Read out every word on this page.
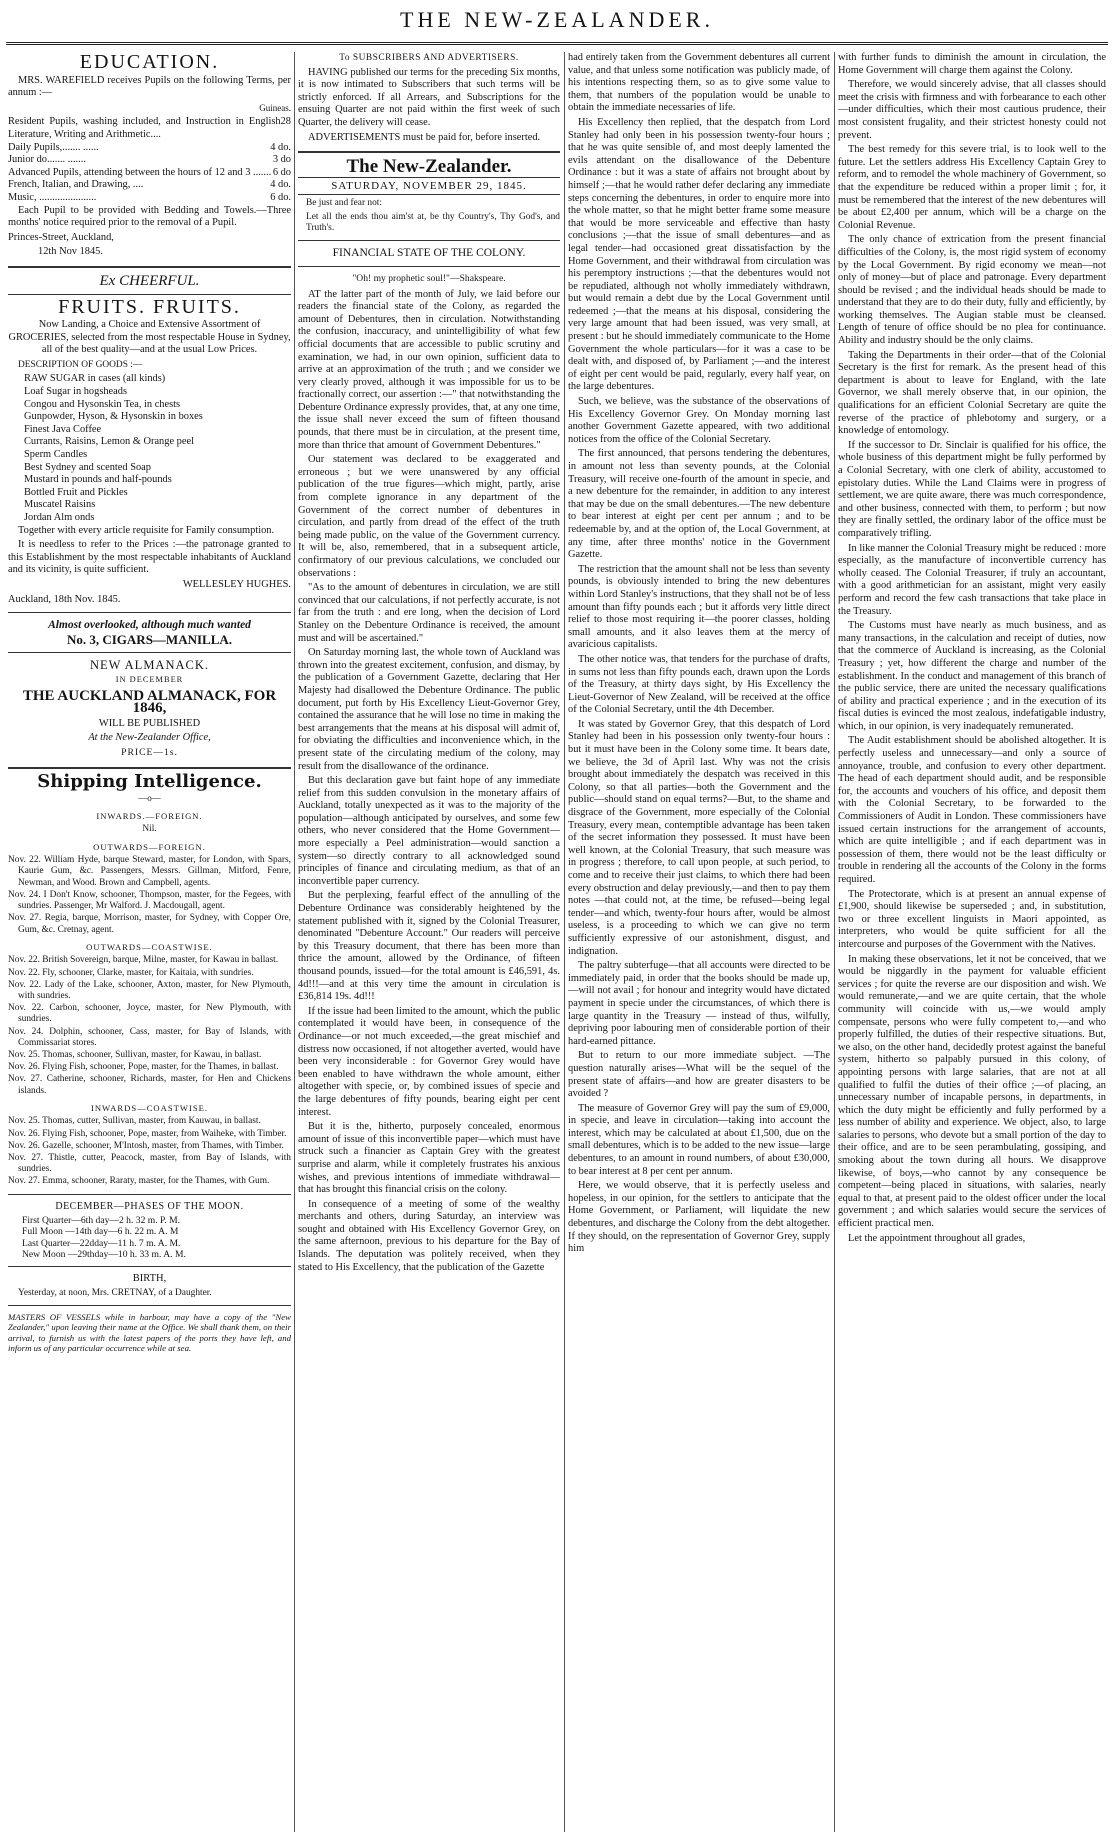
THE NEW-ZEALANDER.
EDUCATION.

MRS. WAREFIELD receives Pupils on the following Terms, per annum :—

Guineas.

Resident Pupils, washing included, and Instruction in English Literature, Writing and Arithmetic....
28
Daily Pupils,....... ......	4 do.
Junior do....... .......	3 do
Advanced Pupils, attending between the hours of 12 and 3 ....... 6 do
French, Italian, and Drawing, ....	4 do.
Music, ......................	6 do.

Each Pupil to be provided with Bedding and Towels.—Three months' notice required prior to the removal of a Pupil.

Princes-Street, Auckland,

12th Nov 1845.

Ex CHEERFUL.
FRUITS. FRUITS.

Now Landing, a Choice and Extensive Assortment of GROCERIES, selected from the most respectable House in Sydney, all of the best quality—and at the usual Low Prices.

DESCRIPTION OF GOODS :—

RAW SUGAR in cases (all kinds)
Loaf Sugar in hogsheads
Congou and Hysonskin Tea, in chests
Gunpowder, Hyson, & Hysonskin in boxes
Finest Java Coffee
Currants, Raisins, Lemon & Orange peel
Sperm Candles
Best Sydney and scented Soap
Mustard in pounds and half-pounds
Bottled Fruit and Pickles
Muscatel Raisins
Jordan Alm onds

Together with every article requisite for Family consumption.

It is needless to refer to the Prices :—the patronage granted to this Establishment by the most respectable inhabitants of Auckland and its vicinity, is quite sufficient.

WELLESLEY HUGHES.

Auckland, 18th Nov. 1845.

Almost overlooked, although much wanted

No. 3, CIGARS—MANILLA.

NEW ALMANACK.

IN DECEMBER

THE AUCKLAND ALMANACK, FOR 1846,

WILL BE PUBLISHED

At the New-Zealander Office,

PRICE—1s.

Shipping Intelligence.

—o—

INWARDS.—FOREIGN.

Nil.

OUTWARDS—FOREIGN.

Nov. 22. William Hyde, barque Steward, master, for London, with Spars, Kaurie Gum, &c. Passengers, Messrs. Gillman, Mitford, Fenre, Newman, and Wood. Brown and Campbell, agents.

Nov. 24. I Don't Know, schooner, Thompson, master, for the Fegees, with sundries. Passenger, Mr Walford. J. Macdougall, agent.

Nov. 27. Regia, barque, Morrison, master, for Sydney, with Copper Ore, Gum, &c. Cretnay, agent.

OUTWARDS—COASTWISE.

Nov. 22. British Sovereign, barque, Milne, master, for Kawau in ballast.

Nov. 22. Fly, schooner, Clarke, master, for Kaitaia, with sundries.

Nov. 22. Lady of the Lake, schooner, Axton, master, for New Plymouth, with sundries.

Nov. 22. Carbon, schooner, Joyce, master, for New Plymouth, with sundries.

Nov. 24. Dolphin, schooner, Cass, master, for Bay of Islands, with Commissariat stores.

Nov. 25. Thomas, schooner, Sullivan, master, for Kawau, in ballast.

Nov. 26. Flying Fish, schooner, Pope, master, for the Thames, in ballast.

Nov. 27. Catherine, schooner, Richards, master, for Hen and Chickens islands.

INWARDS—COASTWISE.

Nov. 25. Thomas, cutter, Sullivan, master, from Kauwau, in ballast.

Nov. 26. Flying Fish, schooner, Pope, master, from Waiheke, with Timber.

Nov. 26. Gazelle, schooner, M'Intosh, master, from Thames, with Timber.

Nov. 27. Thistle, cutter, Peacock, master, from Bay of Islands, with sundries.

Nov. 27. Emma, schooner, Raraty, master, for the Thames, with Gum.

DECEMBER—PHASES OF THE MOON.

First Quarter—6th day—2 h. 32 m. P. M.
Full Moon —14th day—6 h. 22 m. A. M
Last Quarter—22dday—11 h. 7 m. A. M.
New Moon —29thday—10 h. 33 m. A. M.

BIRTH,

Yesterday, at noon, Mrs. CRETNAY, of a Daughter.

MASTERS OF VESSELS while in harbour, may have a copy of the "New Zealander," upon leaving their name at the Office. We shall thank them, on their arrival, to furnish us with the latest papers of the ports they have left, and inform us of any particular occurrence while at sea.

To SUBSCRIBERS AND ADVERTISERS.

HAVING published our terms for the preceding Six months, it is now intimated to Subscribers that such terms will be strictly enforced. If all Arrears, and Subscriptions for the ensuing Quarter are not paid within the first week of such Quarter, the delivery will cease.

ADVERTISEMENTS must be paid for, before inserted.

The New-Zealander.
SATURDAY, NOVEMBER 29, 1845.
Be just and fear not:
Let all the ends thou aim'st at, be thy Country's, Thy God's, and Truth's.
FINANCIAL STATE OF THE COLONY.
"Oh! my prophetic soul!"—Shakspeare.

AT the latter part of the month of July, we laid before our readers the financial state of the Colony, as regarded the amount of Debentures, then in circulation. Notwithstanding the confusion, inaccuracy, and unintelligibility of what few official documents that are accessible to public scrutiny and examination, we had, in our own opinion, sufficient data to arrive at an approximation of the truth ; and we consider we very clearly proved, although it was impossible for us to be fractionally correct, our assertion :—" that notwithstanding the Debenture Ordinance expressly provides, that, at any one time, the issue shall never exceed the sum of fifteen thousand pounds, that there must be in circulation, at the present time, more than thrice that amount of Government Debentures."

Our statement was declared to be exaggerated and erroneous ; but we were unanswered by any official publication of the true figures—which might, partly, arise from complete ignorance in any department of the Government of the correct number of debentures in circulation, and partly from dread of the effect of the truth being made public, on the value of the Government currency. It will be, also, remembered, that in a subsequent article, confirmatory of our previous calculations, we concluded our observations :

"As to the amount of debentures in circulation, we are still convinced that our calculations, if not perfectly accurate, is not far from the truth : and ere long, when the decision of Lord Stanley on the Debenture Ordinance is received, the amount must and will be ascertained."

On Saturday morning last, the whole town of Auckland was thrown into the greatest excitement, confusion, and dismay, by the publication of a Government Gazette, declaring that Her Majesty had disallowed the Debenture Ordinance. The public document, put forth by His Excellency Lieut-Governor Grey, contained the assurance that he will lose no time in making the best arrangements that the means at his disposal will admit of, for obviating the difficulties and inconvenience which, in the present state of the circulating medium of the colony, may result from the disallowance of the ordinance.

But this declaration gave but faint hope of any immediate relief from this sudden convulsion in the monetary affairs of Auckland, totally unexpected as it was to the majority of the population—although anticipated by ourselves, and some few others, who never considered that the Home Government—more especially a Peel administration—would sanction a system—so directly contrary to all acknowledged sound principles of finance and circulating medium, as that of an inconvertible paper currency.

But the perplexing, fearful effect of the annulling of the Debenture Ordinance was considerably heightened by the statement published with it, signed by the Colonial Treasurer, denominated "Debenture Account." Our readers will perceive by this Treasury document, that there has been more than thrice the amount, allowed by the Ordinance, of fifteen thousand pounds, issued—for the total amount is £46,591, 4s. 4d!!!—and at this very time the amount in circulation is £36,814 19s. 4d!!!

If the issue had been limited to the amount, which the public contemplated it would have been, in consequence of the Ordinance—or not much exceeded,—the great mischief and distress now occasioned, if not altogether averted, would have been very inconsiderable : for Governor Grey would have been enabled to have withdrawn the whole amount, either altogether with specie, or, by combined issues of specie and the large debentures of fifty pounds, bearing eight per cent interest.

But it is the, hitherto, purposely concealed, enormous amount of issue of this inconvertible paper—which must have struck such a financier as Captain Grey with the greatest surprise and alarm, while it completely frustrates his anxious wishes, and previous intentions of immediate withdrawal—that has brought this financial crisis on the colony.

In consequence of a meeting of some of the wealthy merchants and others, during Saturday, an interview was sought and obtained with His Excellency Governor Grey, on the same afternoon, previous to his departure for the Bay of Islands. The deputation was politely received, when they stated to His Excellency, that the publication of the Gazette

had entirely taken from the Government debentures all current value, and that unless some notification was publicly made, of his intentions respecting them, so as to give some value to them, that numbers of the population would be unable to obtain the immediate necessaries of life.

His Excellency then replied, that the despatch from Lord Stanley had only been in his possession twenty-four hours ; that he was quite sensible of, and most deeply lamented the evils attendant on the disallowance of the Debenture Ordinance : but it was a state of affairs not brought about by himself ;—that he would rather defer declaring any immediate steps concerning the debentures, in order to enquire more into the whole matter, so that he might better frame some measure that would be more serviceable and effective than hasty conclusions ;—that the issue of small debentures—and as legal tender—had occasioned great dissatisfaction by the Home Government, and their withdrawal from circulation was his peremptory instructions ;—that the debentures would not be repudiated, although not wholly immediately withdrawn, but would remain a debt due by the Local Government until redeemed ;—that the means at his disposal, considering the very large amount that had been issued, was very small, at present : but he should immediately communicate to the Home Government the whole particulars—for it was a case to be dealt with, and disposed of, by Parliament ;—and the interest of eight per cent would be paid, regularly, every half year, on the large debentures.

Such, we believe, was the substance of the observations of His Excellency Governor Grey. On Monday morning last another Government Gazette appeared, with two additional notices from the office of the Colonial Secretary.

The first announced, that persons tendering the debentures, in amount not less than seventy pounds, at the Colonial Treasury, will receive one-fourth of the amount in specie, and a new debenture for the remainder, in addition to any interest that may be due on the small debentures.—The new debenture to bear interest at eight per cent per annum ; and to be redeemable by, and at the option of, the Local Government, at any time, after three months' notice in the Government Gazette.

The restriction that the amount shall not be less than seventy pounds, is obviously intended to bring the new debentures within Lord Stanley's instructions, that they shall not be of less amount than fifty pounds each ; but it affords very little direct relief to those most requiring it—the poorer classes, holding small amounts, and it also leaves them at the mercy of avaricious capitalists.

The other notice was, that tenders for the purchase of drafts, in sums not less than fifty pounds each, drawn upon the Lords of the Treasury, at thirty days sight, by His Excellency the Lieut-Governor of New Zealand, will be received at the office of the Colonial Secretary, until the 4th December.

It was stated by Governor Grey, that this despatch of Lord Stanley had been in his possession only twenty-four hours : but it must have been in the Colony some time. It bears date, we believe, the 3d of April last. Why was not the crisis brought about immediately the despatch was received in this Colony, so that all parties—both the Government and the public—should stand on equal terms?—But, to the shame and disgrace of the Government, more especially of the Colonial Treasury, every mean, contemptible advantage has been taken of the secret information they possessed. It must have been well known, at the Colonial Treasury, that such measure was in progress ; therefore, to call upon people, at such period, to come and to receive their just claims, to which there had been every obstruction and delay previously,—and then to pay them notes —that could not, at the time, be refused—being legal tender—and which, twenty-four hours after, would be almost useless, is a proceeding to which we can give no term sufficiently expressive of our astonishment, disgust, and indignation.

The paltry subterfuge—that all accounts were directed to be immediately paid, in order that the books should be made up,—will not avail ; for honour and integrity would have dictated payment in specie under the circumstances, of which there is large quantity in the Treasury — instead of thus, wilfully, depriving poor labouring men of considerable portion of their hard-earned pittance.

But to return to our more immediate subject. —The question naturally arises—What will be the sequel of the present state of affairs—and how are greater disasters to be avoided ?

The measure of Governor Grey will pay the sum of £9,000, in specie, and leave in circulation—taking into account the interest, which may be calculated at about £1,500, due on the small debentures, which is to be added to the new issue—large debentures, to an amount in round numbers, of about £30,000, to bear interest at 8 per cent per annum.

Here, we would observe, that it is perfectly useless and hopeless, in our opinion, for the settlers to anticipate that the Home Government, or Parliament, will liquidate the new debentures, and discharge the Colony from the debt altogether. If they should, on the representation of Governor Grey, supply him

with further funds to diminish the amount in circulation, the Home Government will charge them against the Colony.

Therefore, we would sincerely advise, that all classes should meet the crisis with firmness and with forbearance to each other—under difficulties, which their most cautious prudence, their most consistent frugality, and their strictest honesty could not prevent.

The best remedy for this severe trial, is to look well to the future. Let the settlers address His Excellency Captain Grey to reform, and to remodel the whole machinery of Government, so that the expenditure be reduced within a proper limit ; for, it must be remembered that the interest of the new debentures will be about £2,400 per annum, which will be a charge on the Colonial Revenue.

The only chance of extrication from the present financial difficulties of the Colony, is, the most rigid system of economy by the Local Government. By rigid economy we mean—not only of money—but of place and patronage. Every department should be revised ; and the individual heads should be made to understand that they are to do their duty, fully and efficiently, by working themselves. The Augian stable must be cleansed. Length of tenure of office should be no plea for continuance. Ability and industry should be the only claims.

Taking the Departments in their order—that of the Colonial Secretary is the first for remark. As the present head of this department is about to leave for England, with the late Governor, we shall merely observe that, in our opinion, the qualifications for an efficient Colonial Secretary are quite the reverse of the practice of phlebotomy and surgery, or a knowledge of entomology.

If the successor to Dr. Sinclair is qualified for his office, the whole business of this department might be fully performed by a Colonial Secretary, with one clerk of ability, accustomed to epistolary duties. While the Land Claims were in progress of settlement, we are quite aware, there was much correspondence, and other business, connected with them, to perform ; but now they are finally settled, the ordinary labor of the office must be comparatively trifling.

In like manner the Colonial Treasury might be reduced : more especially, as the manufacture of inconvertible currency has wholly ceased. The Colonial Treasurer, if truly an accountant, with a good arithmetician for an assistant, might very easily perform and record the few cash transactions that take place in the Treasury.

The Customs must have nearly as much business, and as many transactions, in the calculation and receipt of duties, now that the commerce of Auckland is increasing, as the Colonial Treasury ; yet, how different the charge and number of the establishment. In the conduct and management of this branch of the public service, there are united the necessary qualifications of ability and practical experience ; and in the execution of its fiscal duties is evinced the most zealous, indefatigable industry, which, in our opinion, is very inadequately remunerated.

The Audit establishment should be abolished altogether. It is perfectly useless and unnecessary—and only a source of annoyance, trouble, and confusion to every other department. The head of each department should audit, and be responsible for, the accounts and vouchers of his office, and deposit them with the Colonial Secretary, to be forwarded to the Commissioners of Audit in London. These commissioners have issued certain instructions for the arrangement of accounts, which are quite intelligible ; and if each department was in possession of them, there would not be the least difficulty or trouble in rendering all the accounts of the Colony in the forms required.

The Protectorate, which is at present an annual expense of £1,900, should likewise be superseded ; and, in substitution, two or three excellent linguists in Maori appointed, as interpreters, who would be quite sufficient for all the intercourse and purposes of the Government with the Natives.

In making these observations, let it not be conceived, that we would be niggardly in the payment for valuable efficient services ; for quite the reverse are our disposition and wish. We would remunerate,—and we are quite certain, that the whole community will coincide with us,—we would amply compensate, persons who were fully competent to,—and who properly fulfilled, the duties of their respective situations. But, we also, on the other hand, decidedly protest against the baneful system, hitherto so palpably pursued in this colony, of appointing persons with large salaries, that are not at all qualified to fulfil the duties of their office ;—of placing, an unnecessary number of incapable persons, in departments, in which the duty might be efficiently and fully performed by a less number of ability and experience. We object, also, to large salaries to persons, who devote but a small portion of the day to their office, and are to be seen perambulating, gossiping, and smoking about the town during all hours. We disapprove likewise, of boys,—who cannot by any consequence be competent—being placed in situations, with salaries, nearly equal to that, at present paid to the oldest officer under the local government ; and which salaries would secure the services of efficient practical men.

Let the appointment throughout all grades,
